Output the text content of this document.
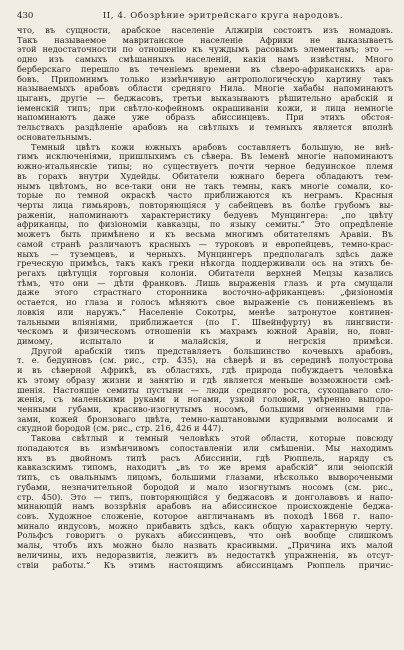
430	II, 4. Обозрѣние эритрейскаго круга народовъ.
что, въ сущности, арабское населеніе Алжиріи состоитъ изъ номадовъ.
Такъ называемое мавританское населеніе Африки не выказываетъ
этой недостаточности по отношенію къ чуждымъ расовымъ элементамъ; это —
одно изъ самыхъ смѣшанныхъ населеній, какія намъ извѣстны. Много
берберскаго перешло въ теченіемъ времени въ сѣверо-африканскихъ ара-
бовъ. Припомнимъ только измѣнчивую антропологическую картину такъ
называемыхъ арабовъ области средняго Нила. Многіе хабабы напоминаютъ
цыганъ, другіе — беджасовъ, третьи выказываютъ рѣшительно арабскій и
іеменскій типъ; при свѣтло-кофейномъ окрашиваніи кожи, и лица немногіе
напоминаютъ даже уже образъ абиссинцевъ. При этихъ обстоя-
тельствахъ раздѣленіе арабовъ на свѣтлыхъ и темныхъ является вполнѣ
основательнымъ.
Темный цвѣтъ кожи южныхъ арабовъ составляетъ большую, не внѣ-
гимъ исключеніями, пришлыхимъ съ сѣвера. Въ Іеменѣ многіе напоминаютъ
южно-итальянскіе типы; но существуетъ почти черное бедуинское племя
въ горахъ внутри Худейды. Обитатели южнаго берега обладаютъ тем-
нымъ цвѣтомъ, но все-таки они не такъ темны, какъ многіе сомали, ко-
торые по темной окраскѣ часто приближаются къ неграмъ. Красныя
черты лица гимьяровъ, повторяющіяся у сабейцевъ въ болѣе грубомъ вы-
раженіи, напоминаютъ характеристику бедуевъ Мунцингера: „по цвѣту
африканцы, по физіономіи кавказцы, по языку семиты.“ Это опредѣленіе
можетъ быть примѣнено и къ весьма многимъ обитателямъ Аравіи. Въ
самой странѣ различаютъ красныхъ — туроковъ и европейцевъ, темно-крас-
ныхъ — туземцевъ, и черныхъ. Мунцингеръ предполагалъ здѣсь даже
греческую примѣсь, такъ какъ греки нѣкогда поддерживали ось на этихъ бе-
регахъ цвѣтущія торговыя колоніи. Обитатели верхней Мецзы казались
тѣмъ, что они — дѣти франковъ. Лишь выраженія глазъ и рта смущали
даже этого страстнаго сторонника восточно-африканцевъ: „физіономія
остается, но глаза и голосъ мѣняютъ свое выраженіе съ пониженіемъ въ
ловкія или наружъ.“ Населеніе Сокотры, менѣе затронутое континен-
тальными вліяніями, приближается (по Г. Швейнфурту) въ лингвисти-
ческомъ и физическомъ отношеніи къ махрамъ южной Аравіи, но, повп-
димому, испытало и малайскія, и негрскія примѣси.
Другой арабскій типъ представляетъ большинство кочевыхъ арабовъ,
т. е. бедуиновъ (см. рис., стр. 435), на сѣверѣ и въ серединѣ полуострова
и въ сѣверной Африкѣ, въ областяхъ, гдѣ природа побуждаетъ человѣка
къ этому образу жизни и занятію и гдѣ является меньше возможности смѣ-
шенія. Настоящіе семиты пустыни — люди средняго роста, сухощаваго сло-
женія, съ маленькими руками и ногами, узкой головой, умѣренно выпоро-
ченными губами, красиво-изогнутымъ носомъ, большими огненными гла-
зами, кожей бронзоваго цвѣта, темно-каштановыми кудрявыми волосами и
скудной бородой (см. рис., стр. 216, 426 и 447).
Такова свѣтлый и темный человѣкъ этой области, которые повсюду
попадаются въ измѣнчивомъ сопоставленіи или смѣшеніи. Мы находимъ
нхъ въ двойномъ типѣ расъ Абиссиніи, гдѣ Рюппель, наряду съ
кавказскимъ типомъ, находитъ „въ то же время арабскій“ или эѳіопскій
типъ, съ овальнымъ лицомъ, большими глазами, нѣсколько выворочеными
губами, незначительной бородой и мало изогнутымъ носомъ (см. рис.,
стр. 450). Это — типъ, повторяющійся у беджасовъ и донголавовъ и напо-
минающій намъ воззрѣнія арабовъ на абиссинское происхожденіе беджа-
совъ. Художное сложеніе, которое англичанамъ въ походѣ 1868 г. напо-
минало индусовъ, можно прибавить здѣсь, какъ общую характерную черту.
Рольфсъ говоритъ о рукахъ абиссинцевъ, что онѣ вообще слишкомъ
малы, чтобъ ихъ можно было назвать красивыми. „Причина ихъ малой
величины, ихъ недоразвитія, лежитъ въ недостаткѣ упражненія, въ отсут-
ствіи работы.“ Къ этимъ настоящимъ абиссинцамъ Рюппель причис-
